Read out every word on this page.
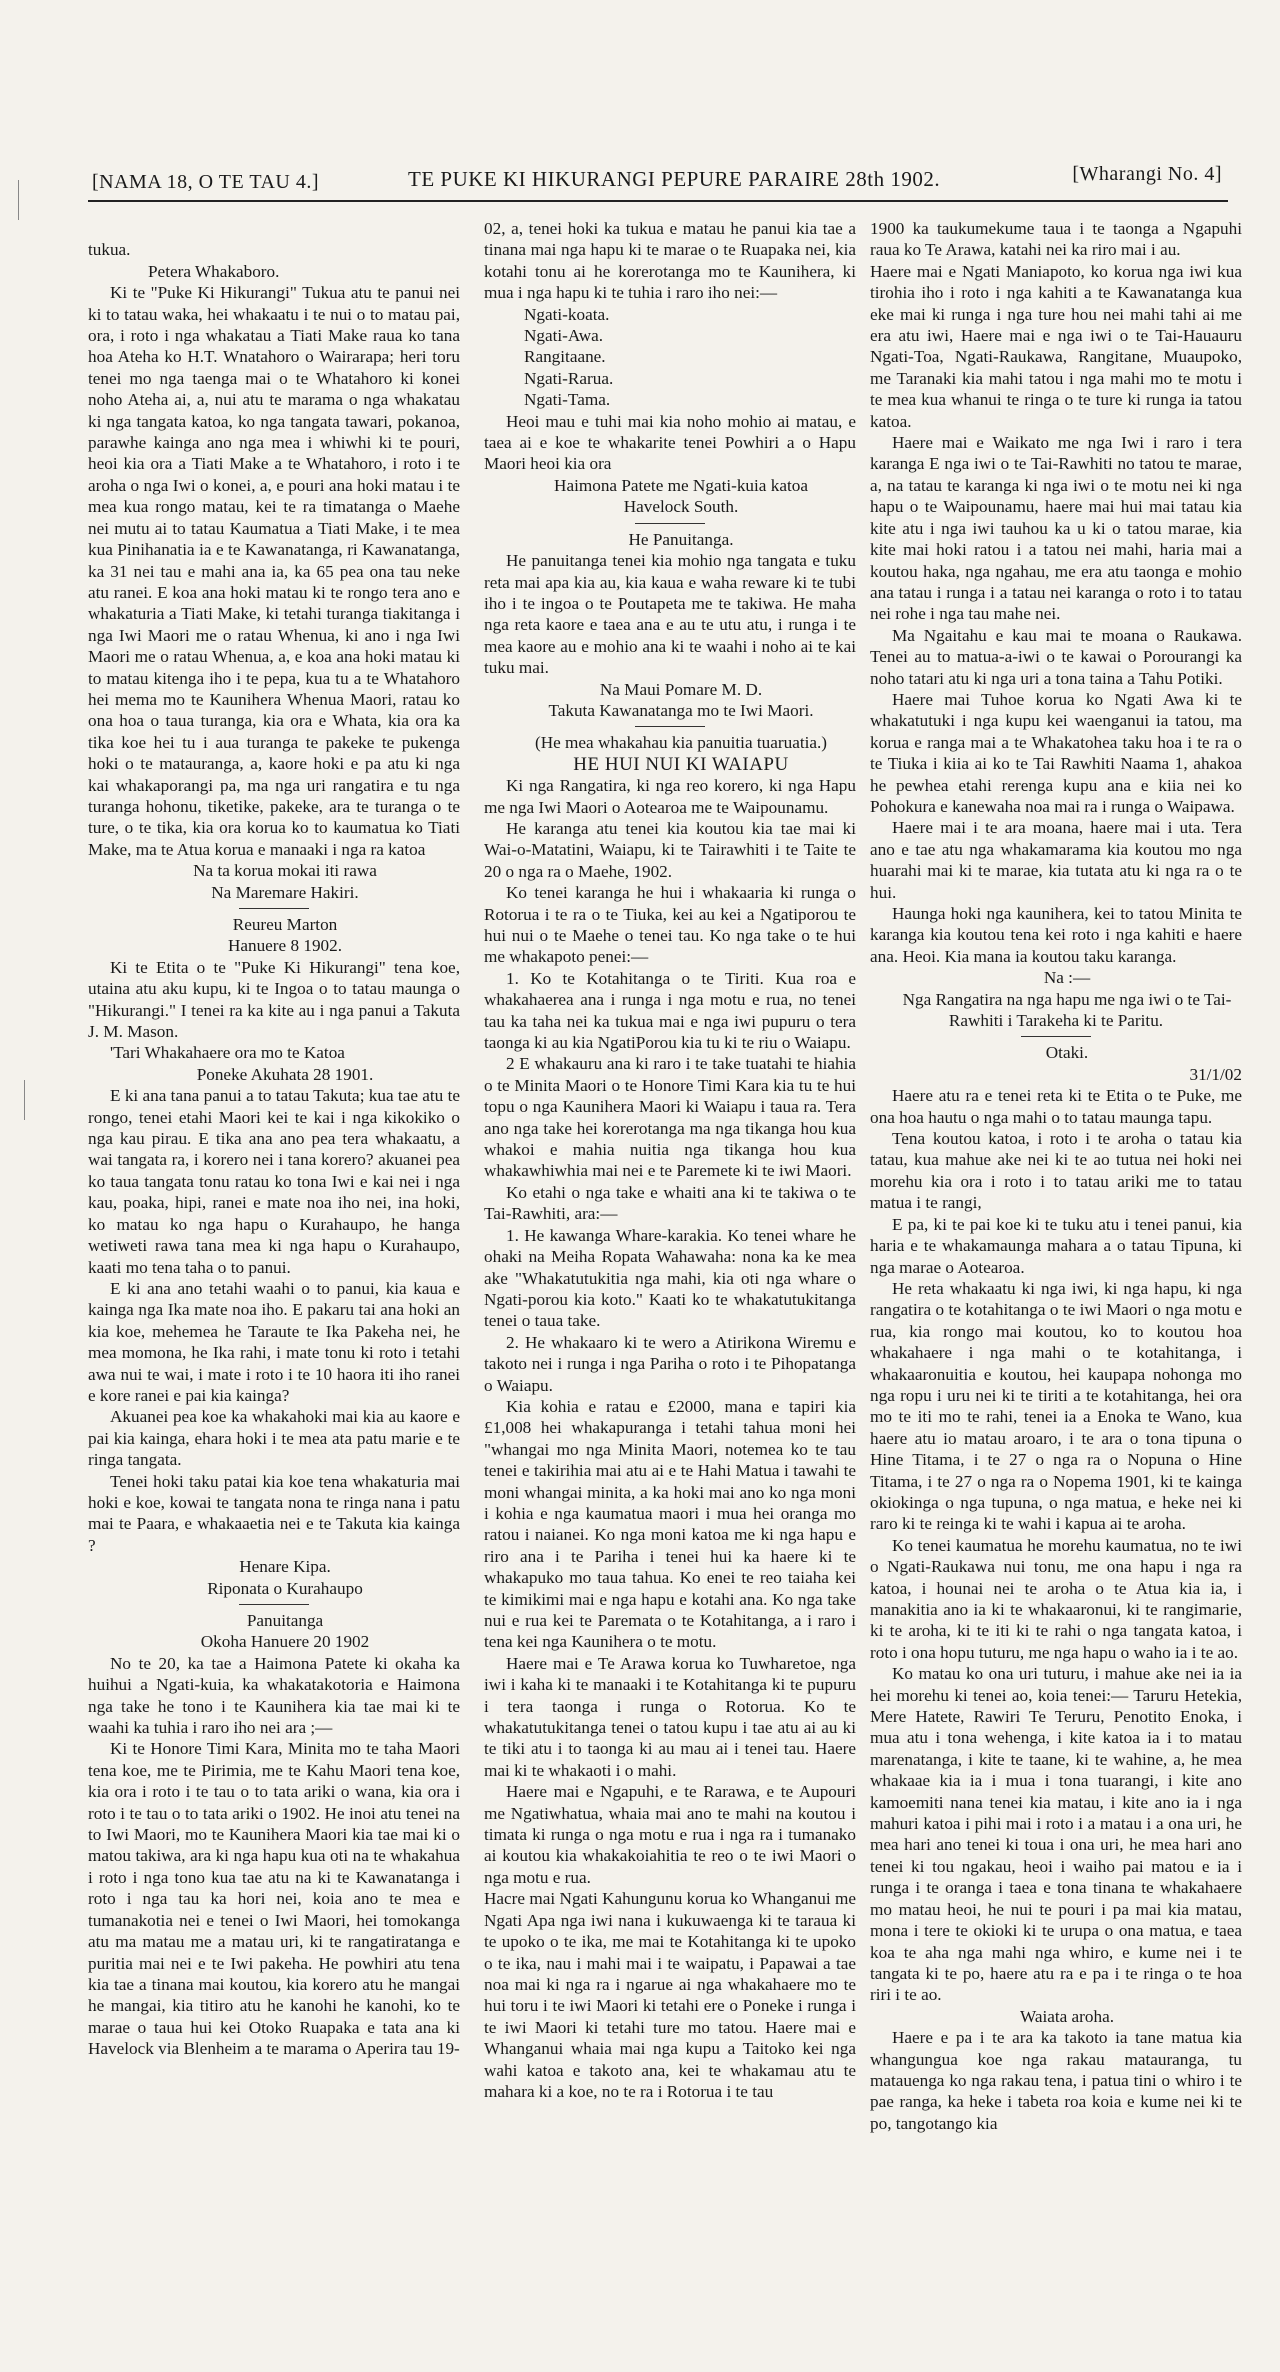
[NAMA 18, O TE TAU 4.]	TE PUKE KI HIKURANGI PEPURE PARAIRE 28th 1902.	[Wharangi No. 4]

tukua.
Petera Whakaboro.

Ki te "Puke Ki Hikurangi" Tukua atu te panui nei ki to tatau waka, hei whakaatu i te nui o to matau pai, ora, i roto i nga whakatau a Tiati Make raua ko tana hoa Ateha ko H.T. Wnatahoro o Wairarapa; heri toru tenei mo nga taenga mai o te Whatahoro ki konei noho Ateha ai, a, nui atu te marama o nga whakatau ki nga tangata katoa, ko nga tangata tawari, pokanoa, parawhe kainga ano nga mea i whiwhi ki te pouri, heoi kia ora a Tiati Make a te Whatahoro, i roto i te aroha o nga Iwi o konei, a, e pouri ana hoki matau i te mea kua rongo matau, kei te ra timatanga o Maehe nei mutu ai to tatau Kaumatua a Tiati Make, i te mea kua Pinihanatia ia e te Kawanatanga, ri Kawanatanga, ka 31 nei tau e mahi ana ia, ka 65 pea ona tau neke atu ranei. E koa ana hoki matau ki te rongo tera ano e whakaturia a Tiati Make, ki tetahi turanga tiakitanga i nga Iwi Maori me o ratau Whenua, ki ano i nga Iwi Maori me o ratau Whenua, a, e koa ana hoki matau ki to matau kitenga iho i te pepa, kua tu a te Whatahoro hei mema mo te Kaunihera Whenua Maori, ratau ko ona hoa o taua turanga, kia ora e Whata, kia ora ka tika koe hei tu i aua turanga te pakeke te pukenga hoki o te matauranga, a, kaore hoki e pa atu ki nga kai whakaporangi pa, ma nga uri rangatira e tu nga turanga hohonu, tiketike, pakeke, ara te turanga o te ture, o te tika, kia ora korua ko to kaumatua ko Tiati Make, ma te Atua korua e manaaki i nga ra katoa

Na ta korua mokai iti rawa

Na Maremare Hakiri.

Reureu Marton

Hanuere 8 1902.

Ki te Etita o te "Puke Ki Hikurangi" tena koe, utaina atu aku kupu, ki te Ingoa o to tatau maunga o "Hikurangi." I tenei ra ka kite au i nga panui a Takuta J. M. Mason.

'Tari Whakahaere ora mo te Katoa

Poneke Akuhata 28 1901.

E ki ana tana panui a to tatau Takuta; kua tae atu te rongo, tenei etahi Maori kei te kai i nga kikokiko o nga kau pirau. E tika ana ano pea tera whakaatu, a wai tangata ra, i korero nei i tana korero? akuanei pea ko taua tangata tonu ratau ko tona Iwi e kai nei i nga kau, poaka, hipi, ranei e mate noa iho nei, ina hoki, ko matau ko nga hapu o Kurahaupo, he hanga wetiweti rawa tana mea ki nga hapu o Kurahaupo, kaati mo tena taha o to panui.

E ki ana ano tetahi waahi o to panui, kia kaua e kainga nga Ika mate noa iho. E pakaru tai ana hoki an kia koe, mehemea he Taraute te Ika Pakeha nei, he mea momona, he Ika rahi, i mate tonu ki roto i tetahi awa nui te wai, i mate i roto i te 10 haora iti iho ranei e kore ranei e pai kia kainga?

Akuanei pea koe ka whakahoki mai kia au kaore e pai kia kainga, ehara hoki i te mea ata patu marie e te ringa tangata.

Tenei hoki taku patai kia koe tena whakaturia mai hoki e koe, kowai te tangata nona te ringa nana i patu mai te Paara, e whakaaetia nei e te Takuta kia kainga ?

Henare Kipa.

Riponata o Kurahaupo

Panuitanga

Okoha Hanuere 20 1902

No te 20, ka tae a Haimona Patete ki okaha ka huihui a Ngati-kuia, ka whakatakotoria e Haimona nga take he tono i te Kaunihera kia tae mai ki te waahi ka tuhia i raro iho nei ara ;—

Ki te Honore Timi Kara, Minita mo te taha Maori tena koe, me te Pirimia, me te Kahu Maori tena koe, kia ora i roto i te tau o to tata ariki o wana, kia ora i roto i te tau o to tata ariki o 1902. He inoi atu tenei na to Iwi Maori, mo te Kaunihera Maori kia tae mai ki o matou takiwa, ara ki nga hapu kua oti na te whakahua i roto i nga tono kua tae atu na ki te Kawanatanga i roto i nga tau ka hori nei, koia ano te mea e tumanakotia nei e tenei o Iwi Maori, hei tomokanga atu ma matau me a matau uri, ki te rangatiratanga e puritia mai nei e te Iwi pakeha. He powhiri atu tena kia tae a tinana mai koutou, kia korero atu he mangai he mangai, kia titiro atu he kanohi he kanohi, ko te marae o taua hui kei Otoko Ruapaka e tata ana ki Havelock via Blenheim a te marama o Aperira tau 19-

02, a, tenei hoki ka tukua e matau he panui kia tae a tinana mai nga hapu ki te marae o te Ruapaka nei, kia kotahi tonu ai he korerotanga mo te Kaunihera, ki mua i nga hapu ki te tuhia i raro iho nei:—

Ngati-koata.
Ngati-Awa.
Rangitaane.
Ngati-Rarua.
Ngati-Tama.

Heoi mau e tuhi mai kia noho mohio ai matau, e taea ai e koe te whakarite tenei Powhiri a o Hapu Maori heoi kia ora

Haimona Patete me Ngati-kuia katoa

Havelock South.

He Panuitanga.

He panuitanga tenei kia mohio nga tangata e tuku reta mai apa kia au, kia kaua e waha reware ki te tubi iho i te ingoa o te Poutapeta me te takiwa. He maha nga reta kaore e taea ana e au te utu atu, i runga i te mea kaore au e mohio ana ki te waahi i noho ai te kai tuku mai.

Na Maui Pomare M. D.

Takuta Kawanatanga mo te Iwi Maori.

(He mea whakahau kia panuitia tuaruatia.)

HE HUI NUI KI WAIAPU

Ki nga Rangatira, ki nga reo korero, ki nga Hapu me nga Iwi Maori o Aotearoa me te Waipounamu.

He karanga atu tenei kia koutou kia tae mai ki Wai-o-Matatini, Waiapu, ki te Tairawhiti i te Taite te 20 o nga ra o Maehe, 1902.

Ko tenei karanga he hui i whakaaria ki runga o Rotorua i te ra o te Tiuka, kei au kei a Ngatiporou te hui nui o te Maehe o tenei tau. Ko nga take o te hui me whakapoto penei:—

1. Ko te Kotahitanga o te Tiriti. Kua roa e whakahaerea ana i runga i nga motu e rua, no tenei tau ka taha nei ka tukua mai e nga iwi pupuru o tera taonga ki au kia NgatiPorou kia tu ki te riu o Waiapu.

2 E whakauru ana ki raro i te take tuatahi te hiahia o te Minita Maori o te Honore Timi Kara kia tu te hui topu o nga Kaunihera Maori ki Waiapu i taua ra. Tera ano nga take hei korerotanga ma nga tikanga hou kua whakoi e mahia nuitia nga tikanga hou kua whakawhiwhia mai nei e te Paremete ki te iwi Maori.

Ko etahi o nga take e whaiti ana ki te takiwa o te Tai-Rawhiti, ara:—

1. He kawanga Whare-karakia. Ko tenei whare he ohaki na Meiha Ropata Wahawaha: nona ka ke mea ake "Whakatutukitia nga mahi, kia oti nga whare o Ngati-porou kia koto." Kaati ko te whakatutukitanga tenei o taua take.

2. He whakaaro ki te wero a Atirikona Wiremu e takoto nei i runga i nga Pariha o roto i te Pihopatanga o Waiapu.

Kia kohia e ratau e £2000, mana e tapiri kia £1,008 hei whakapuranga i tetahi tahua moni hei "whangai mo nga Minita Maori, notemea ko te tau tenei e takirihia mai atu ai e te Hahi Matua i tawahi te moni whangai minita, a ka hoki mai ano ko nga moni i kohia e nga kaumatua maori i mua hei oranga mo ratou i naianei. Ko nga moni katoa me ki nga hapu e riro ana i te Pariha i tenei hui ka haere ki te whakapuko mo taua tahua. Ko enei te reo taiaha kei te kimikimi mai e nga hapu e kotahi ana. Ko nga take nui e rua kei te Paremata o te Kotahitanga, a i raro i tena kei nga Kaunihera o te motu.

Haere mai e Te Arawa korua ko Tuwharetoe, nga iwi i kaha ki te manaaki i te Kotahitanga ki te pupuru i tera taonga i runga o Rotorua. Ko te whakatutukitanga tenei o tatou kupu i tae atu ai au ki te tiki atu i to taonga ki au mau ai i tenei tau. Haere mai ki te whakaoti i o mahi.

Haere mai e Ngapuhi, e te Rarawa, e te Aupouri me Ngatiwhatua, whaia mai ano te mahi na koutou i timata ki runga o nga motu e rua i nga ra i tumanako ai koutou kia whakakoiahitia te reo o te iwi Maori o nga motu e rua.

Hacre mai Ngati Kahungunu korua ko Whanganui me Ngati Apa nga iwi nana i kukuwaenga ki te taraua ki te upoko o te ika, me mai te Kotahitanga ki te upoko o te ika, nau i mahi mai i te waipatu, i Papawai a tae noa mai ki nga ra i ngarue ai nga whakahaere mo te hui toru i te iwi Maori ki tetahi ere o Poneke i runga i te iwi Maori ki tetahi ture mo tatou. Haere mai e Whanganui whaia mai nga kupu a Taitoko kei nga wahi katoa e takoto ana, kei te whakamau atu te mahara ki a koe, no te ra i Rotorua i te tau

1900 ka taukumekume taua i te taonga a Ngapuhi raua ko Te Arawa, katahi nei ka riro mai i au.

Haere mai e Ngati Maniapoto, ko korua nga iwi kua tirohia iho i roto i nga kahiti a te Kawanatanga kua eke mai ki runga i nga ture hou nei mahi tahi ai me era atu iwi, Haere mai e nga iwi o te Tai-Hauauru Ngati-Toa, Ngati-Raukawa, Rangitane, Muaupoko, me Taranaki kia mahi tatou i nga mahi mo te motu i te mea kua whanui te ringa o te ture ki runga ia tatou katoa.

Haere mai e Waikato me nga Iwi i raro i tera karanga E nga iwi o te Tai-Rawhiti no tatou te marae, a, na tatau te karanga ki nga iwi o te motu nei ki nga hapu o te Waipounamu, haere mai hui mai tatau kia kite atu i nga iwi tauhou ka u ki o tatou marae, kia kite mai hoki ratou i a tatou nei mahi, haria mai a koutou haka, nga ngahau, me era atu taonga e mohio ana tatau i runga i a tatau nei karanga o roto i to tatau nei rohe i nga tau mahe nei.

Ma Ngaitahu e kau mai te moana o Raukawa. Tenei au to matua-a-iwi o te kawai o Porourangi ka noho tatari atu ki nga uri a tona taina a Tahu Potiki.

Haere mai Tuhoe korua ko Ngati Awa ki te whakatutuki i nga kupu kei waenganui ia tatou, ma korua e ranga mai a te Whakatohea taku hoa i te ra o te Tiuka i kiia ai ko te Tai Rawhiti Naama 1, ahakoa he pewhea etahi rerenga kupu ana e kiia nei ko Pohokura e kanewaha noa mai ra i runga o Waipawa.

Haere mai i te ara moana, haere mai i uta. Tera ano e tae atu nga whakamarama kia koutou mo nga huarahi mai ki te marae, kia tutata atu ki nga ra o te hui.

Haunga hoki nga kaunihera, kei to tatou Minita te karanga kia koutou tena kei roto i nga kahiti e haere ana. Heoi. Kia mana ia koutou taku karanga.

Na :—

Nga Rangatira na nga hapu me nga iwi o te Tai-Rawhiti i Tarakeha ki te Paritu.

Otaki.

31/1/02

Haere atu ra e tenei reta ki te Etita o te Puke, me ona hoa hautu o nga mahi o to tatau maunga tapu.

Tena koutou katoa, i roto i te aroha o tatau kia tatau, kua mahue ake nei ki te ao tutua nei hoki nei morehu kia ora i roto i to tatau ariki me to tatau matua i te rangi,

E pa, ki te pai koe ki te tuku atu i tenei panui, kia haria e te whakamaunga mahara a o tatau Tipuna, ki nga marae o Aotearoa.

He reta whakaatu ki nga iwi, ki nga hapu, ki nga rangatira o te kotahitanga o te iwi Maori o nga motu e rua, kia rongo mai koutou, ko to koutou hoa whakahaere i nga mahi o te kotahitanga, i whakaaronuitia e koutou, hei kaupapa nohonga mo nga ropu i uru nei ki te tiriti a te kotahitanga, hei ora mo te iti mo te rahi, tenei ia a Enoka te Wano, kua haere atu io matau aroaro, i te ara o tona tipuna o Hine Titama, i te 27 o nga ra o Nopuna o Hine Titama, i te 27 o nga ra o Nopema 1901, ki te kainga okiokinga o nga tupuna, o nga matua, e heke nei ki raro ki te reinga ki te wahi i kapua ai te aroha.

Ko tenei kaumatua he morehu kaumatua, no te iwi o Ngati-Raukawa nui tonu, me ona hapu i nga ra katoa, i hounai nei te aroha o te Atua kia ia, i manakitia ano ia ki te whakaaronui, ki te rangimarie, ki te aroha, ki te iti ki te rahi o nga tangata katoa, i roto i ona hopu tuturu, me nga hapu o waho ia i te ao.

Ko matau ko ona uri tuturu, i mahue ake nei ia ia hei morehu ki tenei ao, koia tenei:— Taruru Hetekia, Mere Hatete, Rawiri Te Teruru, Penotito Enoka, i mua atu i tona wehenga, i kite katoa ia i to matau marenatanga, i kite te taane, ki te wahine, a, he mea whakaae kia ia i mua i tona tuarangi, i kite ano kamoemiti nana tenei kia matau, i kite ano ia i nga mahuri katoa i pihi mai i roto i a matau i a ona uri, he mea hari ano tenei ki toua i ona uri, he mea hari ano tenei ki tou ngakau, heoi i waiho pai matou e ia i runga i te oranga i taea e tona tinana te whakahaere mo matau heoi, he nui te pouri i pa mai kia matau, mona i tere te okioki ki te urupa o ona matua, e taea koa te aha nga mahi nga whiro, e kume nei i te tangata ki te po, haere atu ra e pa i te ringa o te hoa riri i te ao.

Waiata aroha.

Haere e pa i te ara ka takoto ia tane matua kia whangungua koe nga rakau matauranga, tu matauenga ko nga rakau tena, i patua tini o whiro i te pae ranga, ka heke i tabeta roa koia e kume nei ki te po, tangotango kia
